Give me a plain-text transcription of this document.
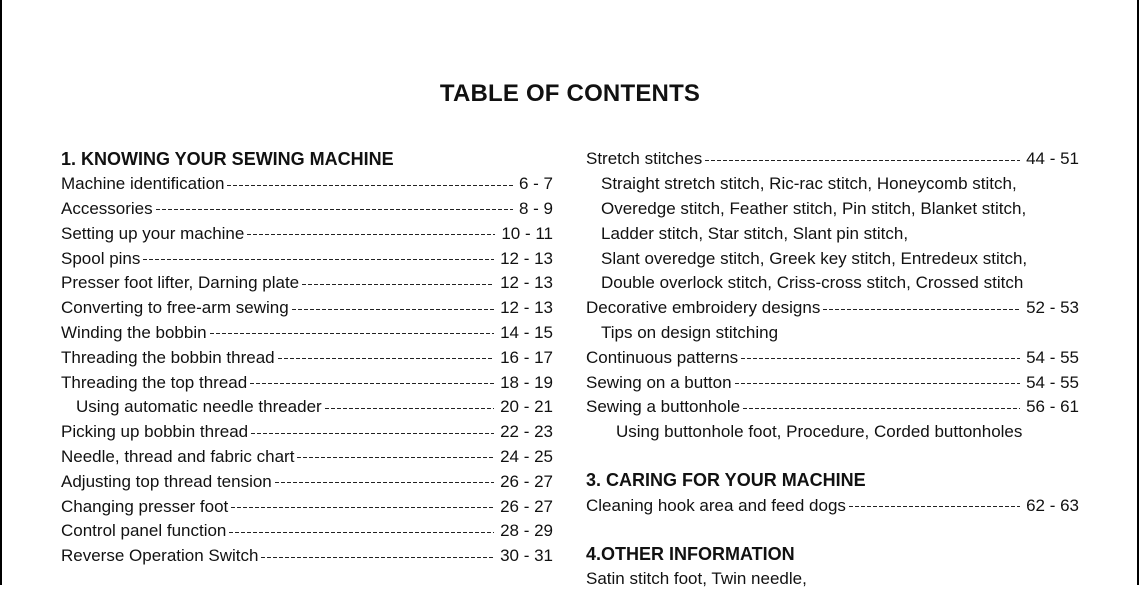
TABLE OF CONTENTS
1. KNOWING YOUR SEWING MACHINE
Machine identification	6 - 7
Accessories	8 - 9
Setting up your machine	10 - 11
Spool pins	12 - 13
Presser foot lifter, Darning plate	12 - 13
Converting to free-arm sewing	12 - 13
Winding the bobbin	14 - 15
Threading the bobbin thread	16 - 17
Threading the top thread	18 - 19
Using automatic needle threader	20 - 21
Picking up bobbin thread	22 - 23
Needle, thread and fabric chart	24 - 25
Adjusting top thread tension	26 - 27
Changing presser foot	26 - 27
Control panel function	28 - 29
Reverse Operation Switch	30 - 31
Stretch stitches	44 - 51
Straight stretch stitch, Ric-rac stitch, Honeycomb stitch,
Overedge stitch, Feather stitch, Pin stitch, Blanket stitch,
Ladder stitch, Star stitch, Slant pin stitch,
Slant overedge stitch, Greek key stitch, Entredeux stitch,
Double overlock stitch, Criss-cross stitch, Crossed stitch
Decorative embroidery designs	52 - 53
Tips on design stitching
Continuous patterns	54 - 55
Sewing on a button	54 - 55
Sewing a buttonhole	56 - 61
Using buttonhole foot, Procedure, Corded buttonholes
3. CARING FOR YOUR MACHINE
Cleaning hook area and feed dogs	62 - 63
4.OTHER INFORMATION
Satin stitch foot, Twin needle,
